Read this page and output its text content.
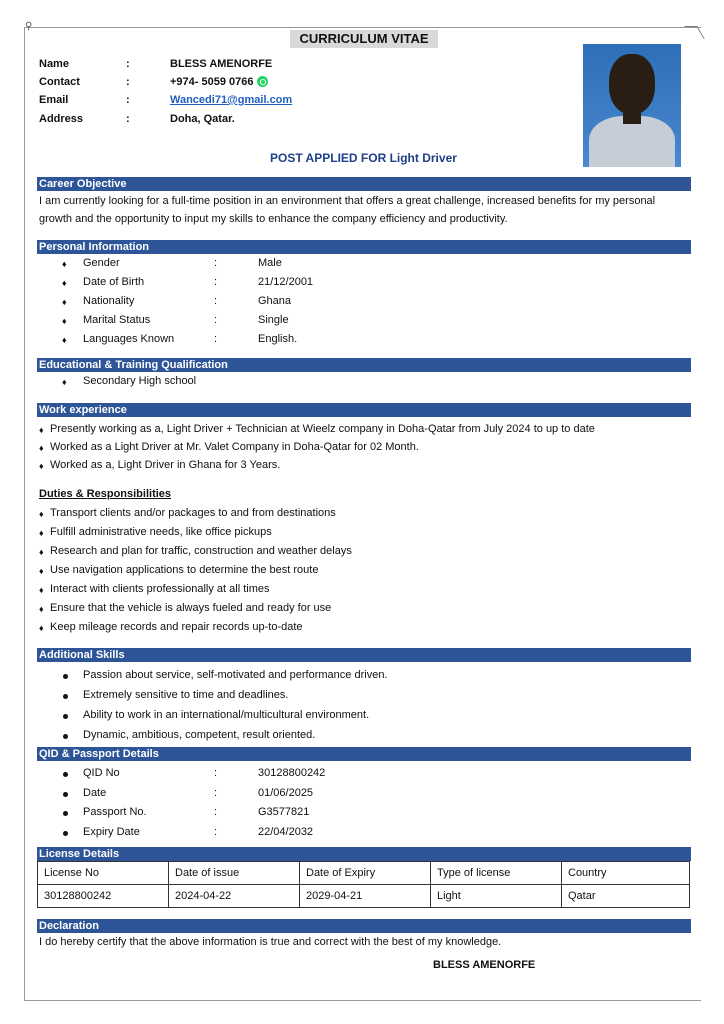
⚲
CURRICULUM VITAE
Name	:	BLESS AMENORFE
Contact	:	+974- 5059 0766
Email	:	Wancedi71@gmail.com
Address	:	Doha, Qatar.
POST APPLIED FOR Light Driver
Career Objective
I am currently looking for a full-time position in an environment that offers a great challenge, increased benefits for my personal growth and the opportunity to input my skills to enhance the company efficiency and productivity.
Personal Information
♦ Gender	:	Male
♦ Date of Birth	:	21/12/2001
♦ Nationality	:	Ghana
♦ Marital Status	:	Single
♦ Languages Known	:	English.
Educational & Training Qualification
♦ Secondary High school
Work experience
♦ Presently working as a, Light Driver + Technician at Wieelz company in Doha-Qatar from July 2024 to up to date
♦ Worked as a Light Driver at Mr. Valet Company in Doha-Qatar for 02 Month.
♦ Worked as a, Light Driver in Ghana for 3 Years.
Duties & Responsibilities
♦ Transport clients and/or packages to and from destinations
♦ Fulfill administrative needs, like office pickups
♦ Research and plan for traffic, construction and weather delays
♦ Use navigation applications to determine the best route
♦ Interact with clients professionally at all times
♦ Ensure that the vehicle is always fueled and ready for use
♦ Keep mileage records and repair records up-to-date
Additional Skills
Passion about service, self-motivated and performance driven.
Extremely sensitive to time and deadlines.
Ability to work in an international/multicultural environment.
Dynamic, ambitious, competent, result oriented.
QID & Passport Details
QID No	:	30128800242
Date	:	01/06/2025
Passport No.	:	G3577821
Expiry Date	:	22/04/2032
License Details
License No	Date of issue	Date of Expiry	Type of license	Country
30128800242	2024-04-22	2029-04-21	Light	Qatar
Declaration
I do hereby certify that the above information is true and correct with the best of my knowledge.
BLESS AMENORFE
